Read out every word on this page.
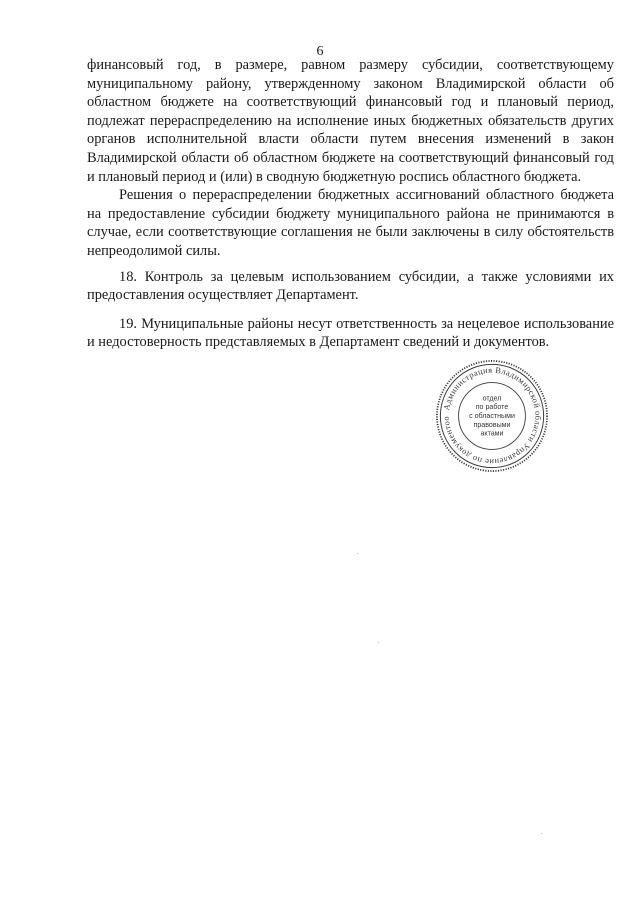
6

финансовый год, в размере, равном размеру субсидии, соответствующему муниципальному району, утвержденному законом Владимирской области об областном бюджете на соответствующий финансовый год и плановый период, подлежат перераспределению на исполнение иных бюджетных обязательств других органов исполнительной власти области путем внесения изменений в закон Владимирской области об областном бюджете на соответствующий финансовый год и плановый период и (или) в сводную бюджетную роспись областного бюджета.

Решения о перераспределении бюджетных ассигнований областного бюджета на предоставление субсидии бюджету муниципального района не принимаются в случае, если соответствующие соглашения не были заключены в силу обстоятельств непреодолимой силы.

18. Контроль за целевым использованием субсидии, а также условиями их предоставления осуществляет Департамент.

19. Муниципальные районы несут ответственность за нецелевое использование и недостоверность представляемых в Департамент сведений и документов.

Администрация Владимирской области Управление по документоо
отдел
по работе
с областными
правовыми
актами
